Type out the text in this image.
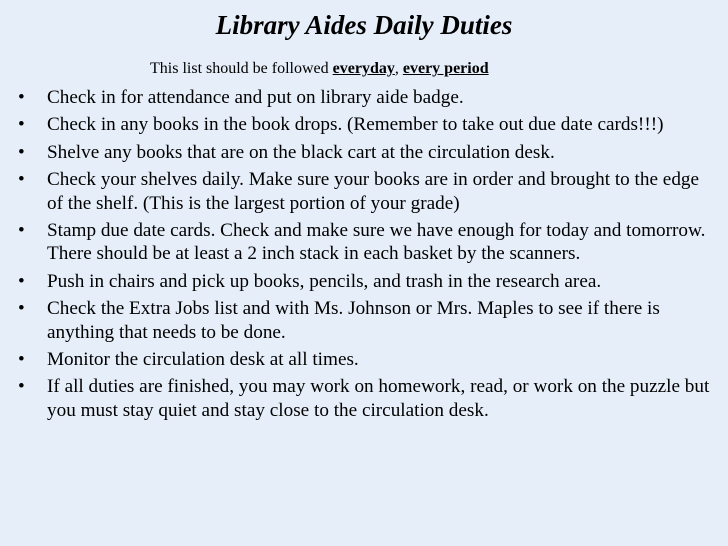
Library Aides Daily Duties
This list should be followed everyday, every period
• Check in for attendance and put on library aide badge.
• Check in any books in the book drops. (Remember to take out due date cards!!!)
• Shelve any books that are on the black cart at the circulation desk.
• Check your shelves daily. Make sure your books are in order and brought to the edge of the shelf. (This is the largest portion of your grade)
• Stamp due date cards. Check and make sure we have enough for today and tomorrow. There should be at least a 2 inch stack in each basket by the scanners.
• Push in chairs and pick up books, pencils, and trash in the research area.
• Check the Extra Jobs list and with Ms. Johnson or Mrs. Maples to see if there is anything that needs to be done.
• Monitor the circulation desk at all times.
• If all duties are finished, you may work on homework, read, or work on the puzzle but you must stay quiet and stay close to the circulation desk.
